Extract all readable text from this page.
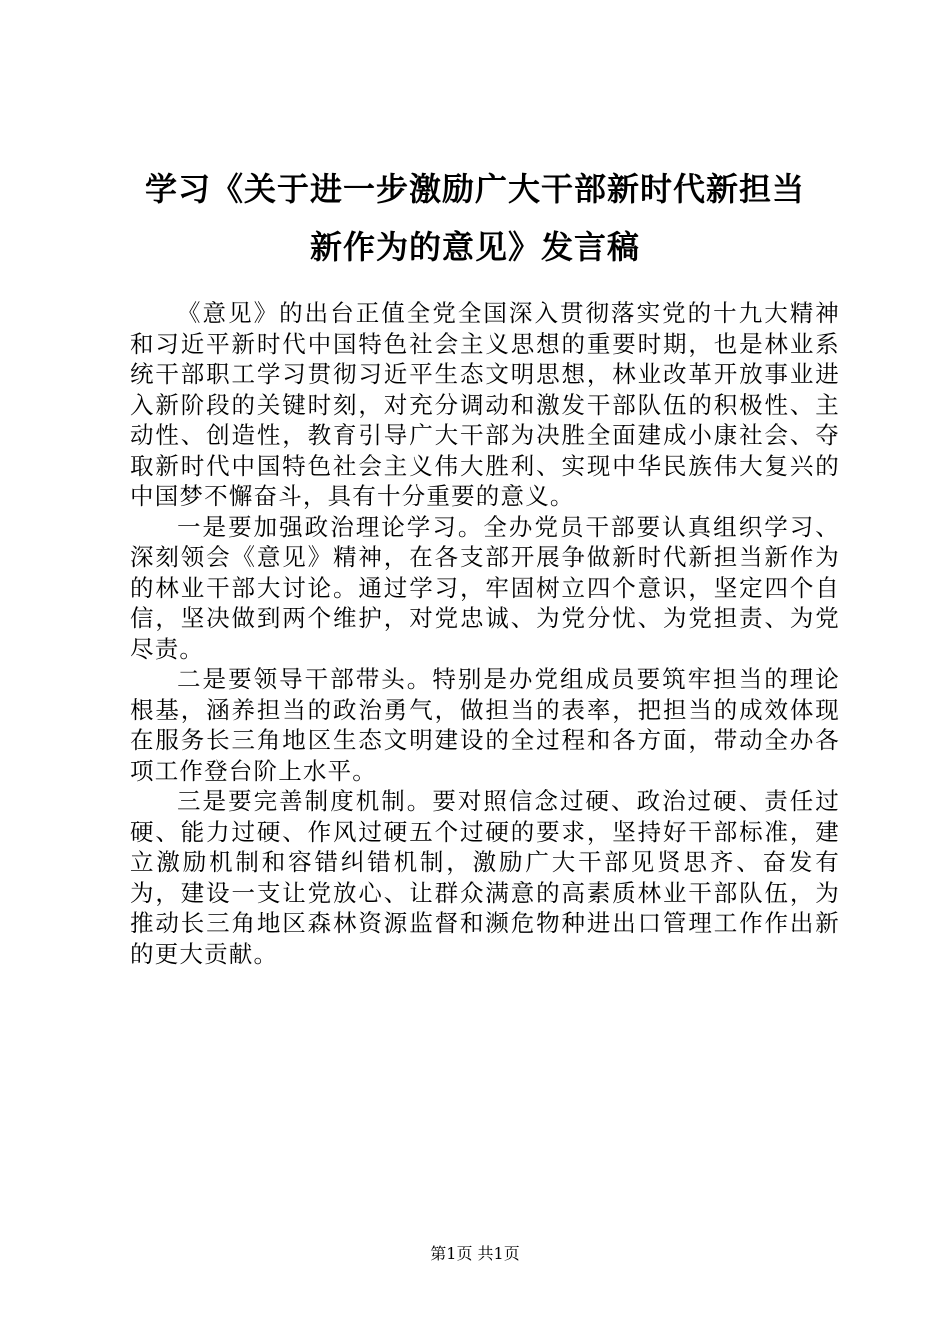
学习《关于进一步激励广大干部新时代新担当
新作为的意见》发言稿

《意见》的出台正值全党全国深入贯彻落实党的十九大精神和习近平新时代中国特色社会主义思想的重要时期，也是林业系统干部职工学习贯彻习近平生态文明思想，林业改革开放事业进入新阶段的关键时刻，对充分调动和激发干部队伍的积极性、主动性、创造性，教育引导广大干部为决胜全面建成小康社会、夺取新时代中国特色社会主义伟大胜利、实现中华民族伟大复兴的中国梦不懈奋斗，具有十分重要的意义。

一是要加强政治理论学习。全办党员干部要认真组织学习、深刻领会《意见》精神，在各支部开展争做新时代新担当新作为的林业干部大讨论。通过学习，牢固树立四个意识，坚定四个自信，坚决做到两个维护，对党忠诚、为党分忧、为党担责、为党尽责。

二是要领导干部带头。特别是办党组成员要筑牢担当的理论根基，涵养担当的政治勇气，做担当的表率，把担当的成效体现在服务长三角地区生态文明建设的全过程和各方面，带动全办各项工作登台阶上水平。

三是要完善制度机制。要对照信念过硬、政治过硬、责任过硬、能力过硬、作风过硬五个过硬的要求，坚持好干部标准，建立激励机制和容错纠错机制，激励广大干部见贤思齐、奋发有为，建设一支让党放心、让群众满意的高素质林业干部队伍，为推动长三角地区森林资源监督和濒危物种进出口管理工作作出新的更大贡献。

第1页 共1页
